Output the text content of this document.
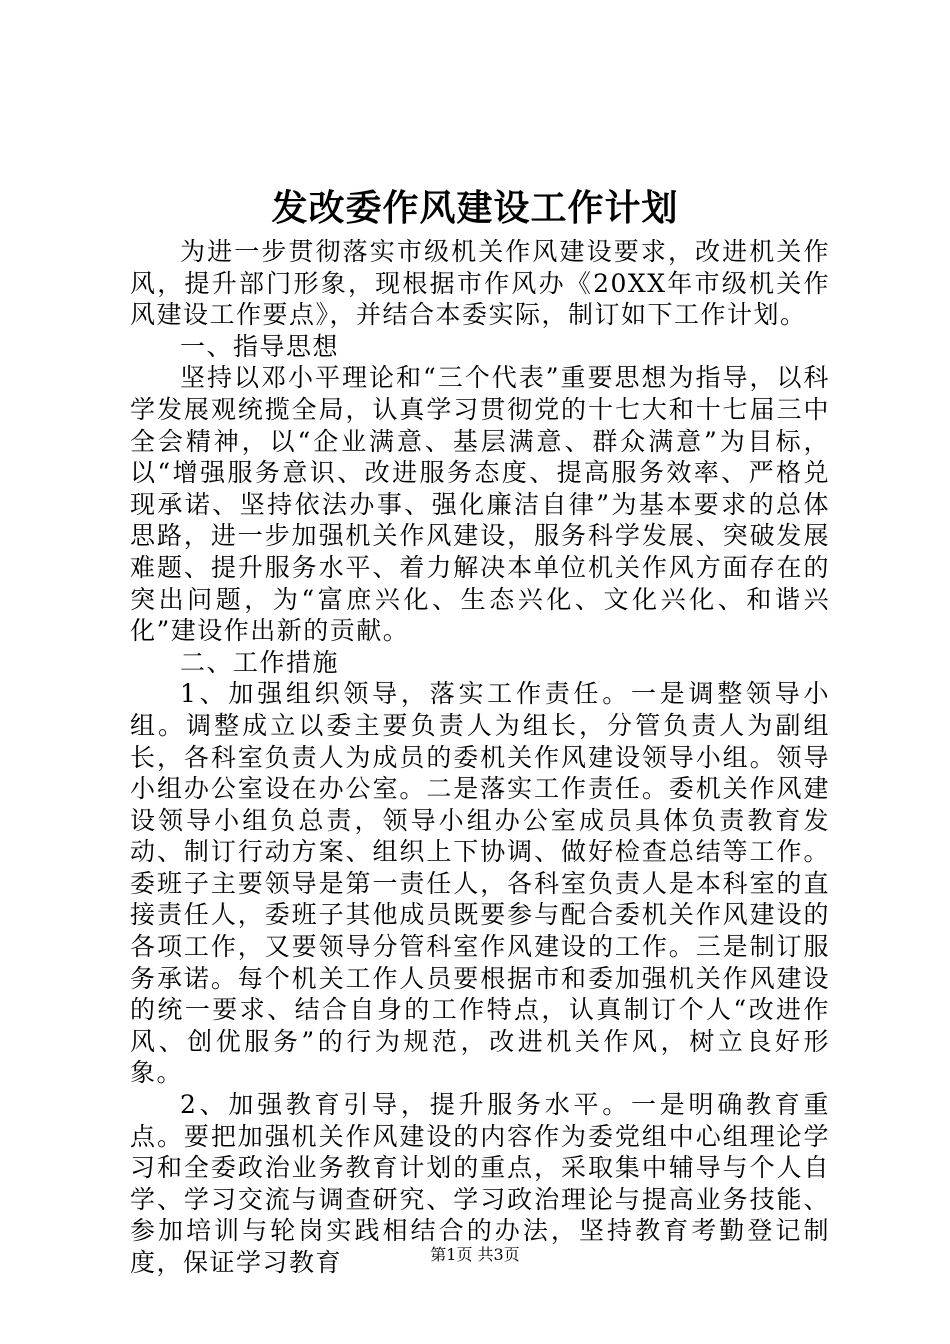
发改委作风建设工作计划

为进一步贯彻落实市级机关作风建设要求，改进机关作风，提升部门形象，现根据市作风办《20XX年市级机关作风建设工作要点》，并结合本委实际，制订如下工作计划。

一、指导思想

坚持以邓小平理论和“三个代表”重要思想为指导，以科学发展观统揽全局，认真学习贯彻党的十七大和十七届三中全会精神，以“企业满意、基层满意、群众满意”为目标，以“增强服务意识、改进服务态度、提高服务效率、严格兑现承诺、坚持依法办事、强化廉洁自律”为基本要求的总体思路，进一步加强机关作风建设，服务科学发展、突破发展难题、提升服务水平、着力解决本单位机关作风方面存在的突出问题，为“富庶兴化、生态兴化、文化兴化、和谐兴化”建设作出新的贡献。

二、工作措施

1、加强组织领导，落实工作责任。一是调整领导小组。调整成立以委主要负责人为组长，分管负责人为副组长，各科室负责人为成员的委机关作风建设领导小组。领导小组办公室设在办公室。二是落实工作责任。委机关作风建设领导小组负总责，领导小组办公室成员具体负责教育发动、制订行动方案、组织上下协调、做好检查总结等工作。委班子主要领导是第一责任人，各科室负责人是本科室的直接责任人，委班子其他成员既要参与配合委机关作风建设的各项工作，又要领导分管科室作风建设的工作。三是制订服务承诺。每个机关工作人员要根据市和委加强机关作风建设的统一要求、结合自身的工作特点，认真制订个人“改进作风、创优服务”的行为规范，改进机关作风，树立良好形象。

2、加强教育引导，提升服务水平。一是明确教育重点。要把加强机关作风建设的内容作为委党组中心组理论学习和全委政治业务教育计划的重点，采取集中辅导与个人自学、学习交流与调查研究、学习政治理论与提高业务技能、参加培训与轮岗实践相结合的办法，坚持教育考勤登记制度，保证学习教育	第1页 共3页
